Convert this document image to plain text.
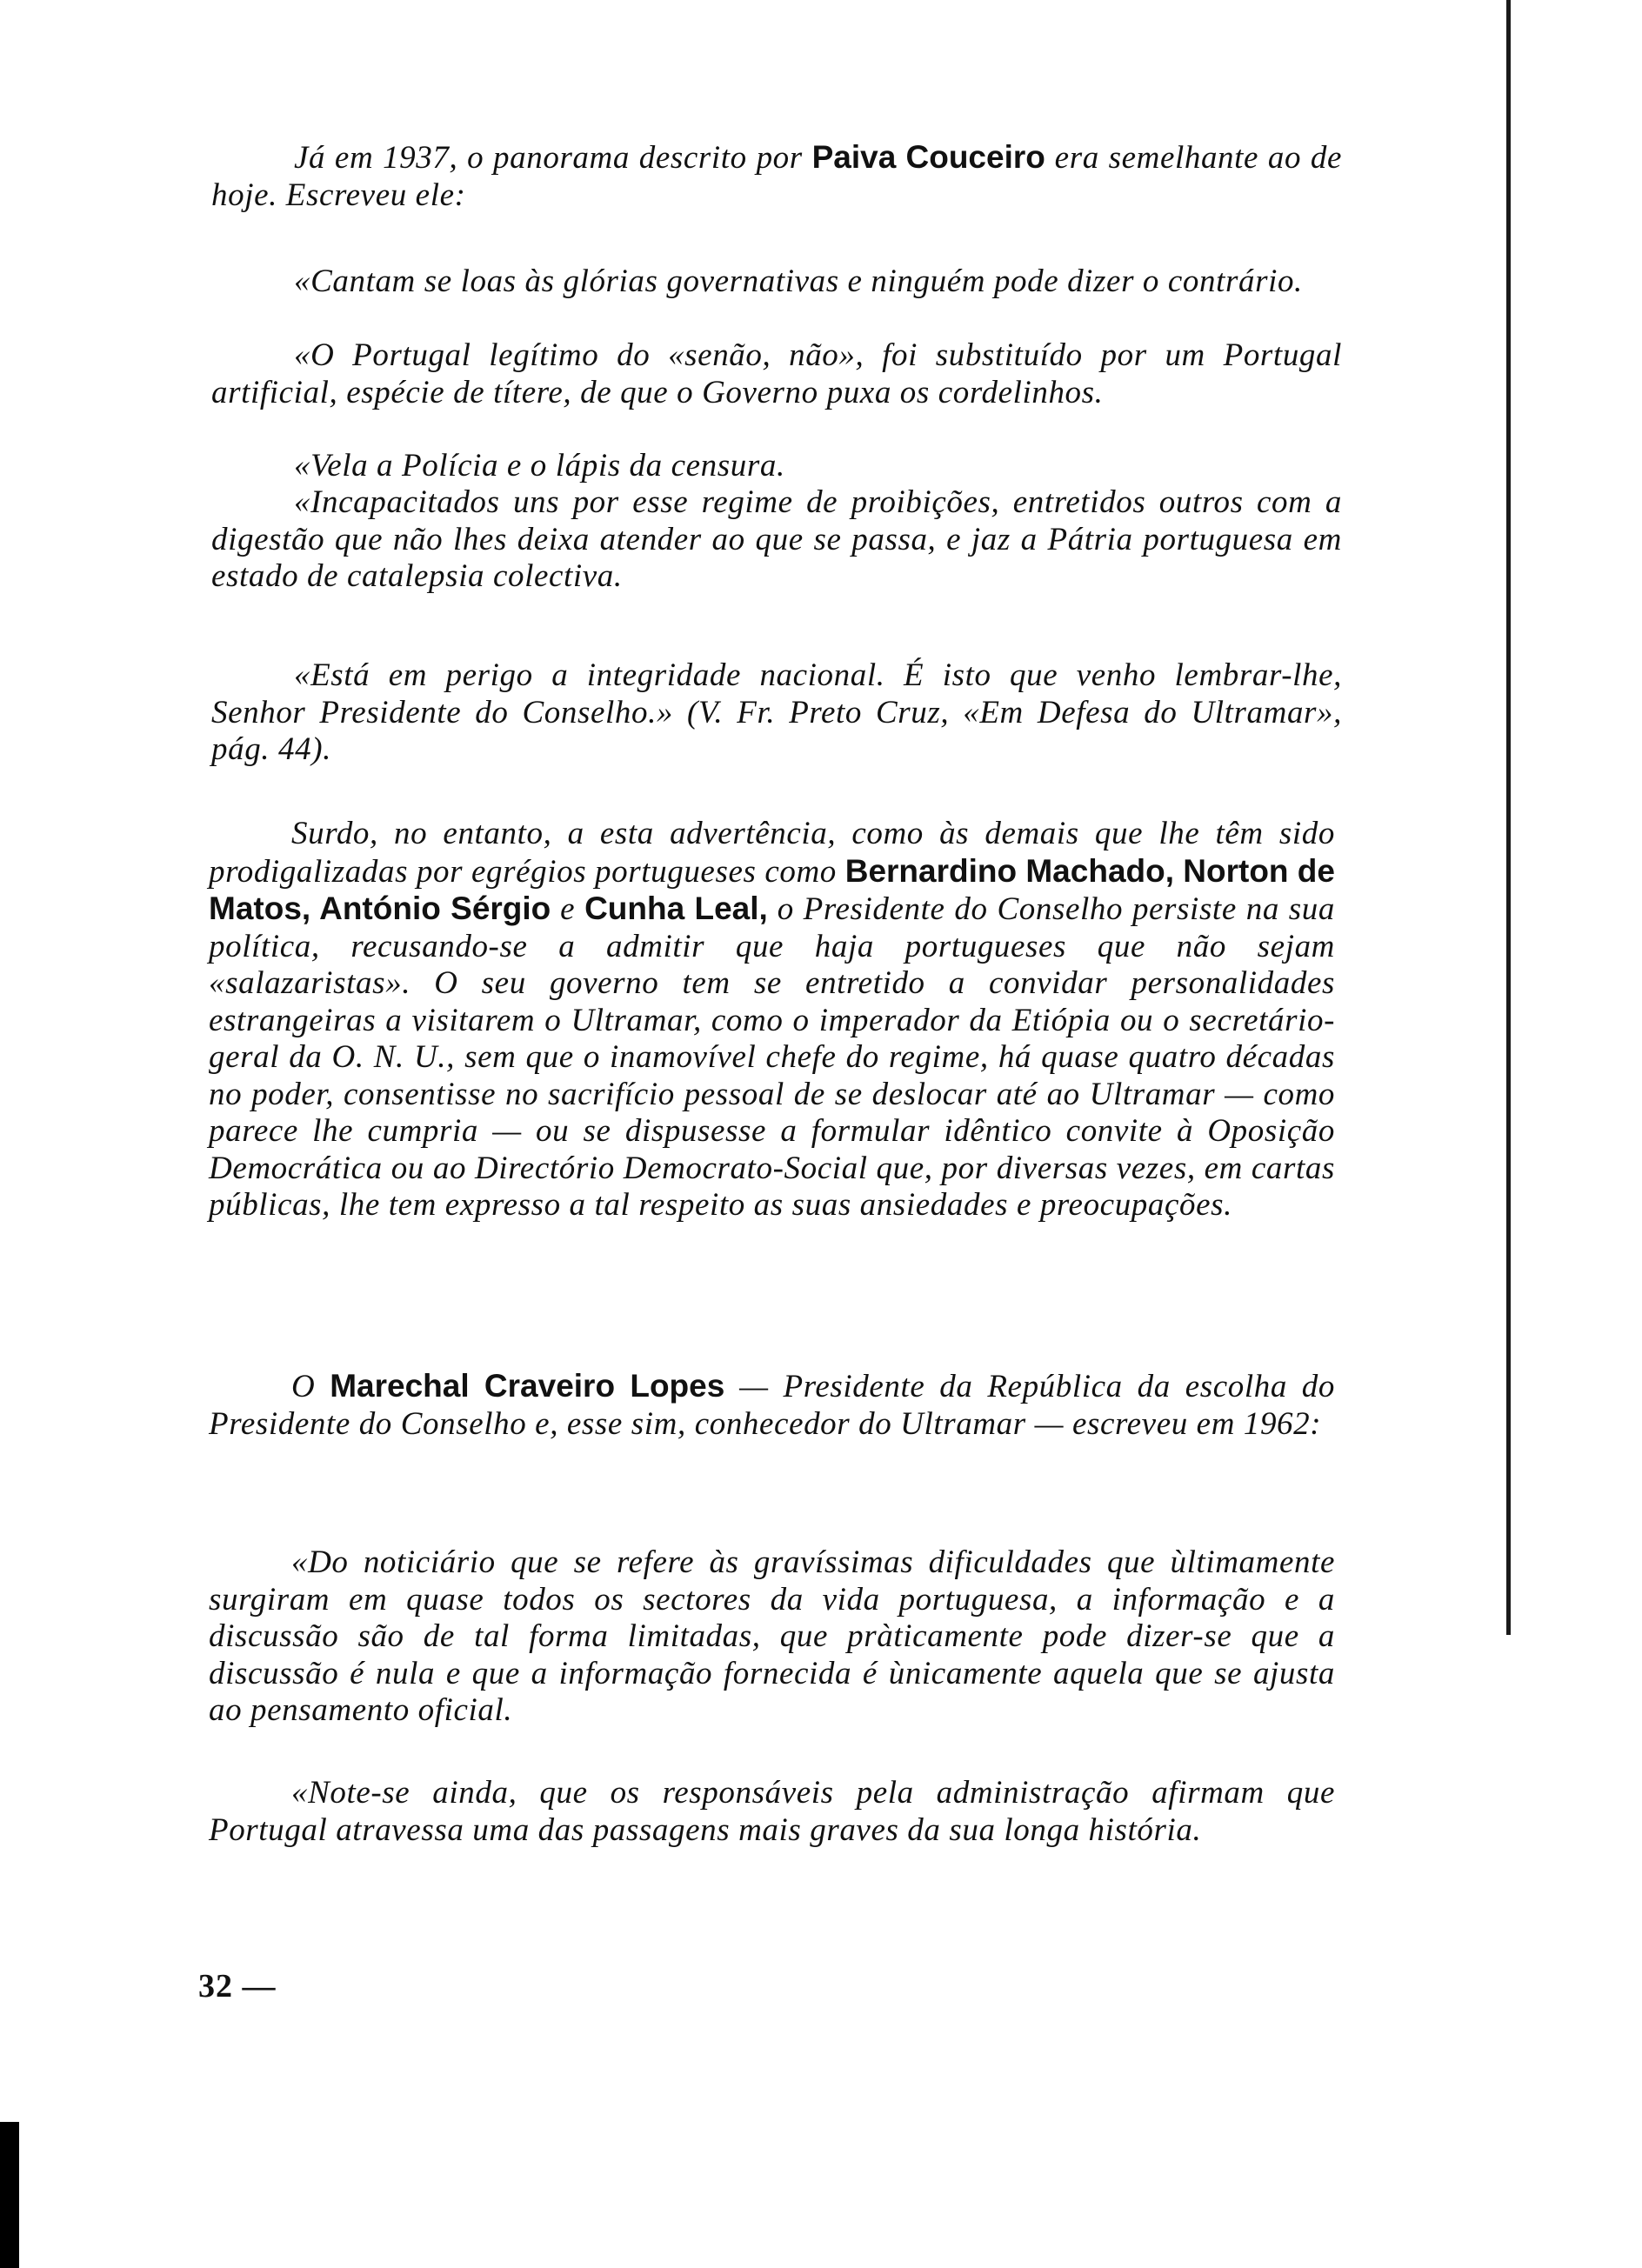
Já em 1937, o panorama descrito por Paiva Couceiro era semelhante ao de hoje. Escreveu ele:

«Cantam se loas às glórias governativas e ninguém pode dizer o contrário.

«O Portugal legítimo do «senão, não», foi substituído por um Portugal artificial, espécie de títere, de que o Governo puxa os cordelinhos.

«Vela a Polícia e o lápis da censura.

«Incapacitados uns por esse regime de proibições, entretidos outros com a digestão que não lhes deixa atender ao que se passa, e jaz a Pátria portuguesa em estado de catalepsia colectiva.

«Está em perigo a integridade nacional. É isto que venho lembrar-lhe, Senhor Presidente do Conselho.» (V. Fr. Preto Cruz, «Em Defesa do Ultramar», pág. 44).

Surdo, no entanto, a esta advertência, como às demais que lhe têm sido prodigalizadas por egrégios portugueses como Bernardino Machado, Norton de Matos, António Sérgio e Cunha Leal, o Presidente do Conselho persiste na sua política, recusando-se a admitir que haja portugueses que não sejam «salazaristas». O seu governo tem se entretido a convidar personalidades estrangeiras a visitarem o Ultramar, como o imperador da Etiópia ou o secretário-geral da O. N. U., sem que o inamovível chefe do regime, há quase quatro décadas no poder, consentisse no sacrifício pessoal de se deslocar até ao Ultramar — como parece lhe cumpria — ou se dispusesse a formular idêntico convite à Oposição Democrática ou ao Directório Democrato-Social que, por diversas vezes, em cartas públicas, lhe tem expresso a tal respeito as suas ansiedades e preocupações.

O Marechal Craveiro Lopes — Presidente da República da escolha do Presidente do Conselho e, esse sim, conhecedor do Ultramar — escreveu em 1962:

«Do noticiário que se refere às gravíssimas dificuldades que ùltimamente surgiram em quase todos os sectores da vida portuguesa, a informação e a discussão são de tal forma limitadas, que pràticamente pode dizer-se que a discussão é nula e que a informação fornecida é ùnicamente aquela que se ajusta ao pensamento oficial.

«Note-se ainda, que os responsáveis pela administração afirmam que Portugal atravessa uma das passagens mais graves da sua longa história.

32 —
